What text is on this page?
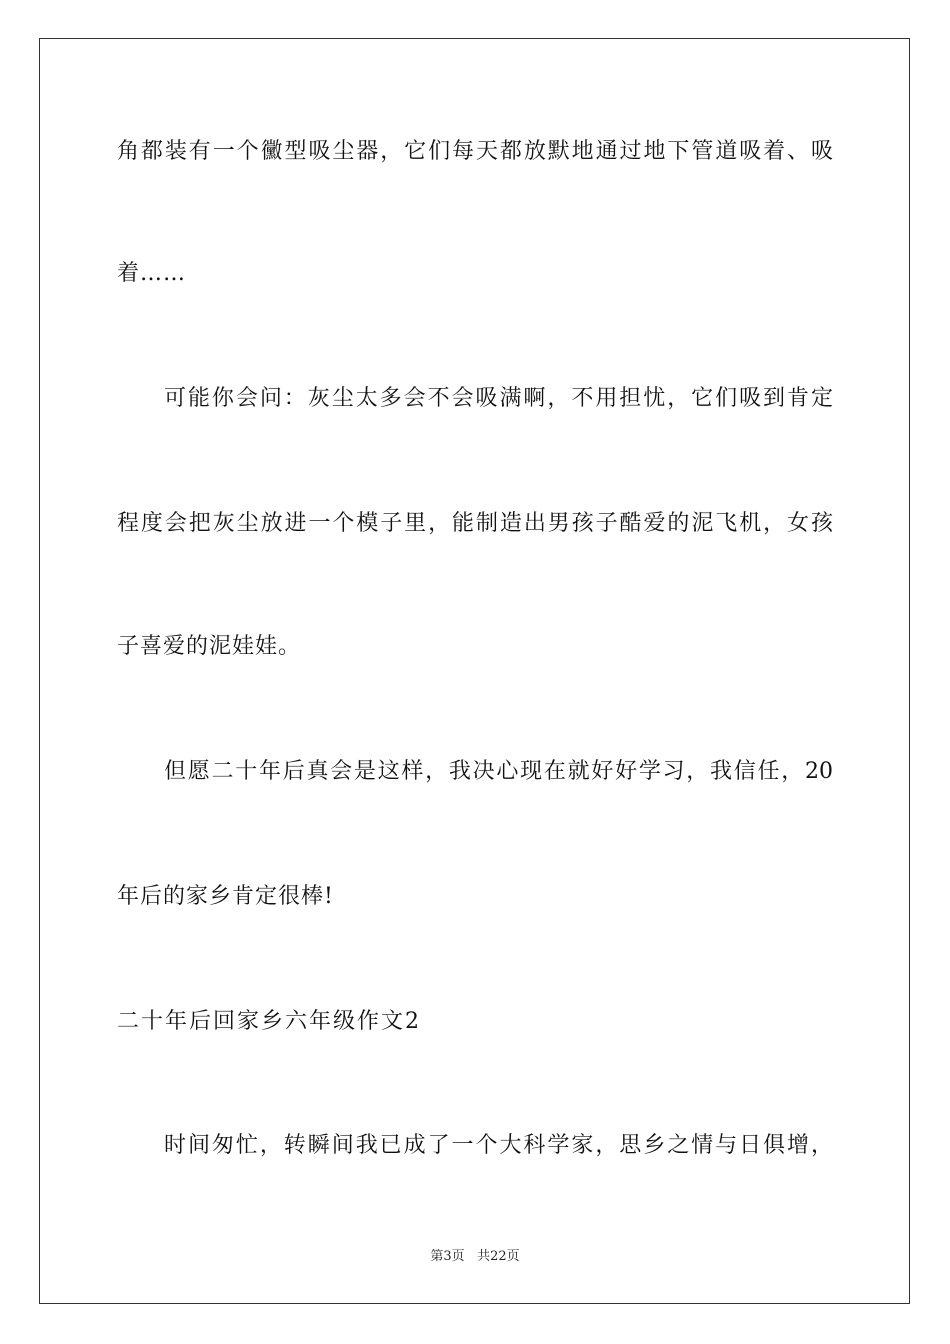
角都装有一个黴型吸尘器，它们每天都放默地通过地下管道吸着、吸
着……
可能你会问：灰尘太多会不会吸满啊，不用担忧，它们吸到肯定
程度会把灰尘放进一个模子里，能制造出男孩子酷爱的泥飞机，女孩
子喜爱的泥娃娃。
但愿二十年后真会是这样，我决心现在就好好学习，我信任，20
年后的家乡肯定很棒!
二十年后回家乡六年级作文2
时间匆忙，转瞬间我已成了一个大科学家，思乡之情与日俱增，
第3页 共22页
